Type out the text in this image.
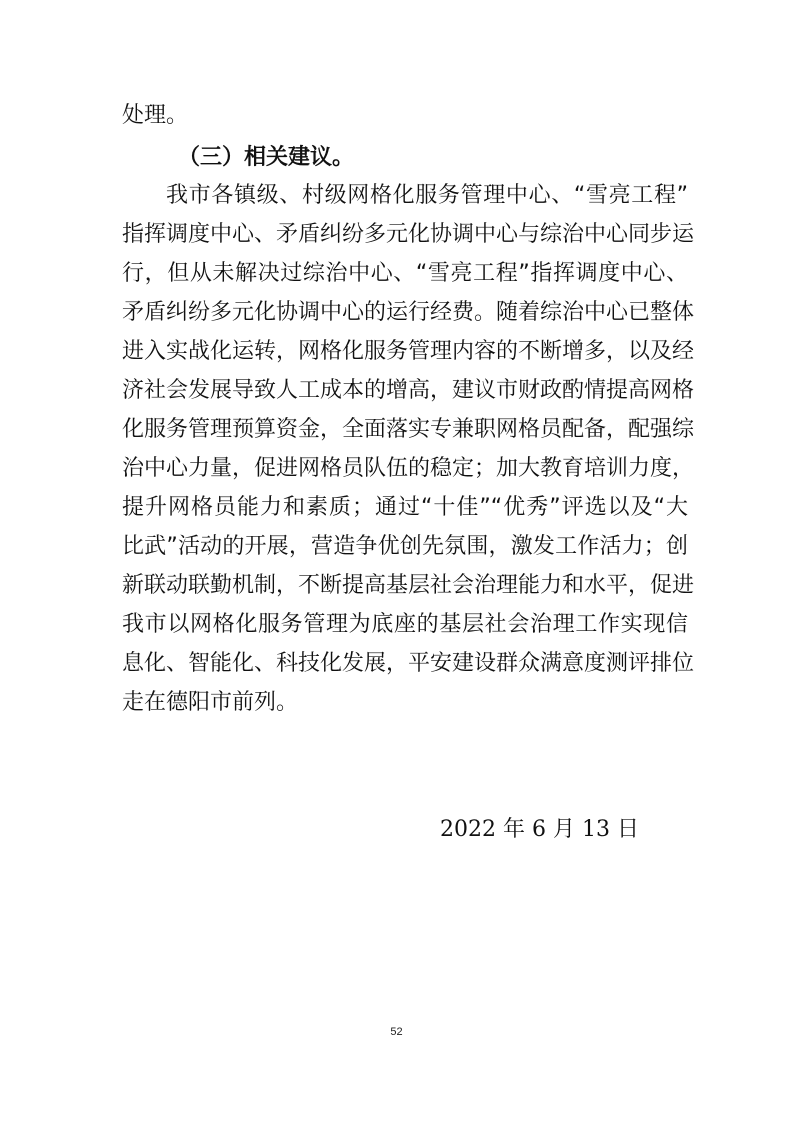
处理。
（三）相关建议。
我市各镇级、村级网格化服务管理中心、“雪亮工程”
指挥调度中心、矛盾纠纷多元化协调中心与综治中心同步运
行，但从未解决过综治中心、“雪亮工程”指挥调度中心、
矛盾纠纷多元化协调中心的运行经费。随着综治中心已整体
进入实战化运转，网格化服务管理内容的不断增多，以及经
济社会发展导致人工成本的增高，建议市财政酌情提高网格
化服务管理预算资金，全面落实专兼职网格员配备，配强综
治中心力量，促进网格员队伍的稳定；加大教育培训力度，
提升网格员能力和素质；通过“十佳”“优秀”评选以及“大
比武”活动的开展，营造争优创先氛围，激发工作活力；创
新联动联勤机制，不断提高基层社会治理能力和水平，促进
我市以网格化服务管理为底座的基层社会治理工作实现信
息化、智能化、科技化发展，平安建设群众满意度测评排位
走在德阳市前列。
2022 年 6 月 13 日
52
